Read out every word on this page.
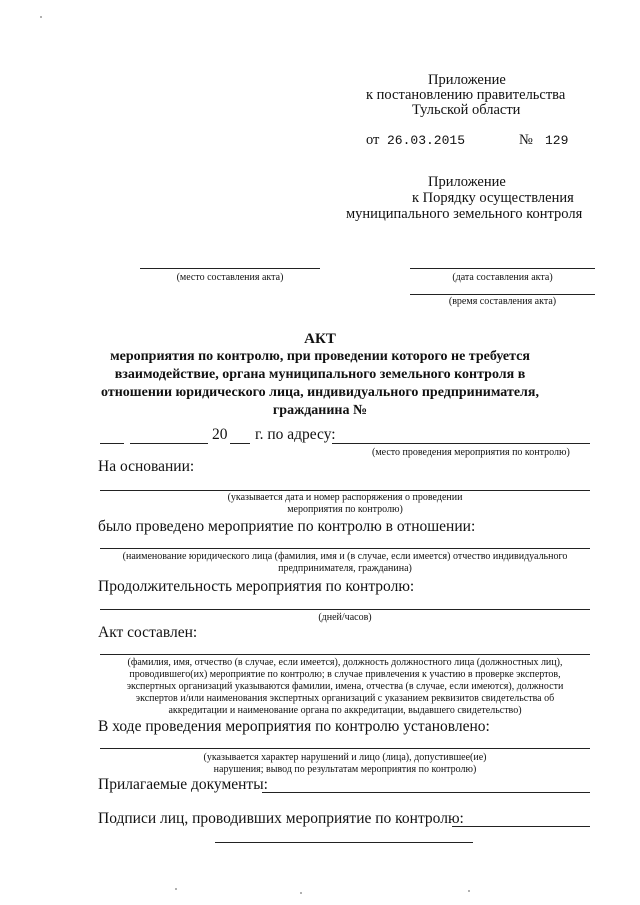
Приложение
к постановлению правительства
Тульской области
от 26.03.2015	№ 129
Приложение
к Порядку осуществления
муниципального земельного контроля
(место составления акта)	(дата составления акта)
(время составления акта)
АКТ
мероприятия по контролю, при проведении которого не требуется
взаимодействие, органа муниципального земельного контроля в
отношении юридического лица, индивидуального предпринимателя,
гражданина №
20 г. по адресу:
(место проведения мероприятия по контролю)
На основании:
(указывается дата и номер распоряжения о проведении
мероприятия по контролю)
было проведено мероприятие по контролю в отношении:
(наименование юридического лица (фамилия, имя и (в случае, если имеется) отчество индивидуального
предпринимателя, гражданина)
Продолжительность мероприятия по контролю:
(дней/часов)
Акт составлен:
(фамилия, имя, отчество (в случае, если имеется), должность должностного лица (должностных лиц),
проводившего(их) мероприятие по контролю; в случае привлечения к участию в проверке экспертов,
экспертных организаций указываются фамилии, имена, отчества (в случае, если имеются), должности
экспертов и/или наименования экспертных организаций с указанием реквизитов свидетельства об
аккредитации и наименование органа по аккредитации, выдавшего свидетельство)
В ходе проведения мероприятия по контролю установлено:
(указывается характер нарушений и лицо (лица), допустившее(ие)
нарушения; вывод по результатам мероприятия по контролю)
Прилагаемые документы:
Подписи лиц, проводивших мероприятие по контролю:
